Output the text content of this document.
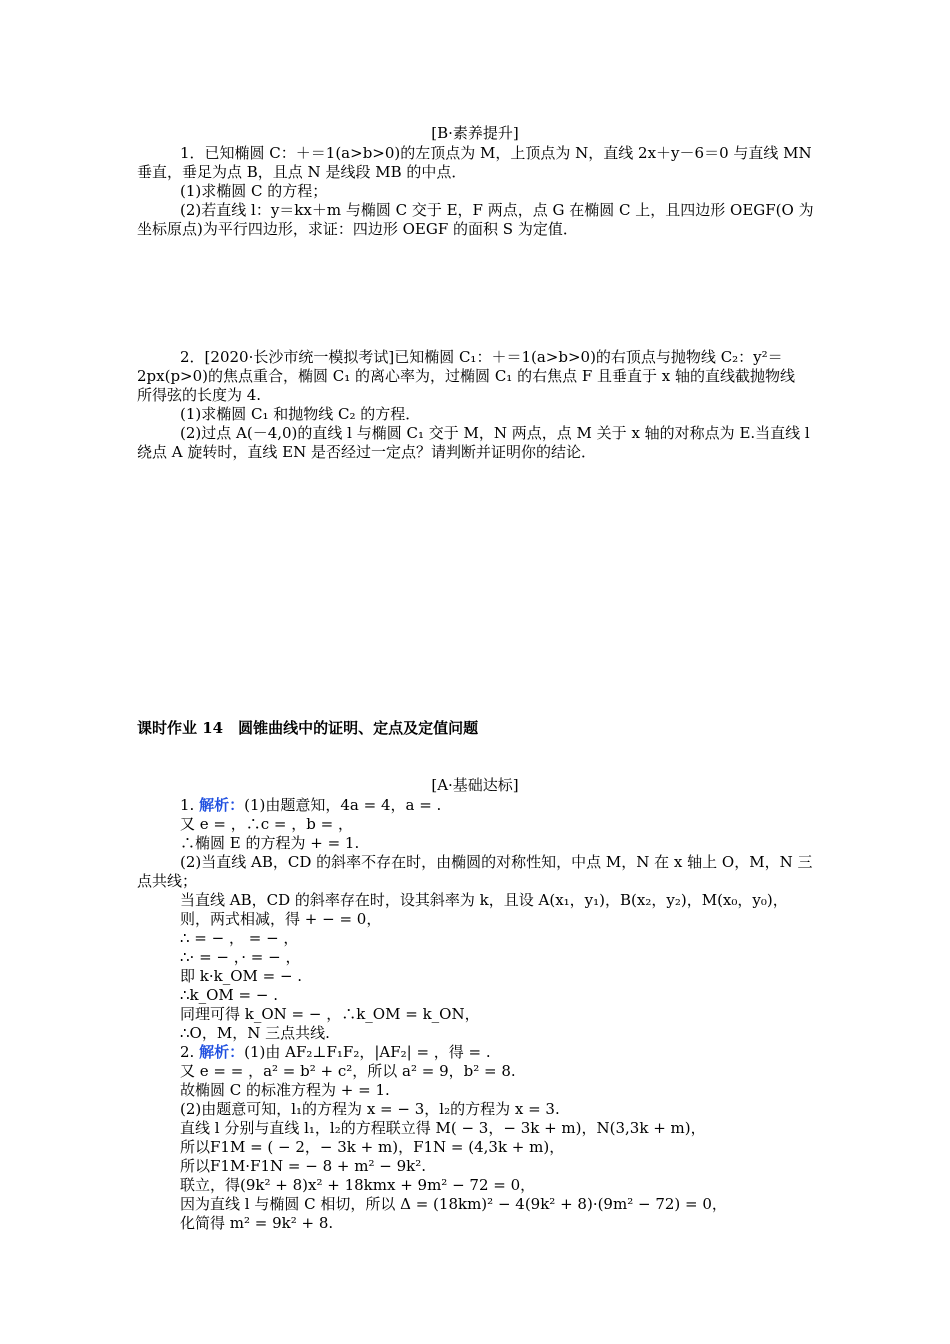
[B·素养提升]
1．已知椭圆 C：＋＝1(a>b>0)的左顶点为 M，上顶点为 N，直线 2x＋y－6＝0 与直线 MN
垂直，垂足为点 B，且点 N 是线段 MB 的中点．
(1)求椭圆 C 的方程；
(2)若直线 l：y＝kx＋m 与椭圆 C 交于 E，F 两点，点 G 在椭圆 C 上，且四边形 OEGF(O 为
坐标原点)为平行四边形，求证：四边形 OEGF 的面积 S 为定值．
2．[2020·长沙市统一模拟考试]已知椭圆 C₁：＋＝1(a>b>0)的右顶点与抛物线 C₂：y²＝
2px(p>0)的焦点重合，椭圆 C₁ 的离心率为，过椭圆 C₁ 的右焦点 F 且垂直于 x 轴的直线截抛物线
所得弦的长度为 4.
(1)求椭圆 C₁ 和抛物线 C₂ 的方程．
(2)过点 A(－4,0)的直线 l 与椭圆 C₁ 交于 M，N 两点，点 M 关于 x 轴的对称点为 E.当直线 l
绕点 A 旋转时，直线 EN 是否经过一定点？请判断并证明你的结论．
课时作业 14　圆锥曲线中的证明、定点及定值问题
[A·基础达标]
1. 解析：(1)由题意知，4a = 4，a = .
又 e = ，∴c = ，b = ，
∴椭圆 E 的方程为 + = 1.
(2)当直线 AB，CD 的斜率不存在时，由椭圆的对称性知，中点 M，N 在 x 轴上 O，M，N 三
点共线；
当直线 AB，CD 的斜率存在时，设其斜率为 k，且设 A(x₁，y₁)，B(x₂，y₂)，M(x₀，y₀)，
则，两式相减，得 + − = 0，
∴ = − ， = − ，
∴· = − ，· = − ，
即 k·k_OM = − .
∴k_OM = − .
同理可得 k_ON = − ，∴k_OM = k_ON，
∴O，M，N 三点共线.
2. 解析：(1)由 AF₂⊥F₁F₂，|AF₂| = ，得 = .
又 e = = ，a² = b² + c²，所以 a² = 9，b² = 8.
故椭圆 C 的标准方程为 + = 1.
(2)由题意可知，l₁的方程为 x = − 3，l₂的方程为 x = 3.
直线 l 分别与直线 l₁，l₂的方程联立得 M( − 3，− 3k + m)，N(3,3k + m)，
所以F1M = ( − 2，− 3k + m)，F1N = (4,3k + m)，
所以F1M·F1N = − 8 + m² − 9k².
联立，得(9k² + 8)x² + 18kmx + 9m² − 72 = 0，
因为直线 l 与椭圆 C 相切，所以 Δ = (18km)² − 4(9k² + 8)·(9m² − 72) = 0，
化简得 m² = 9k² + 8.
